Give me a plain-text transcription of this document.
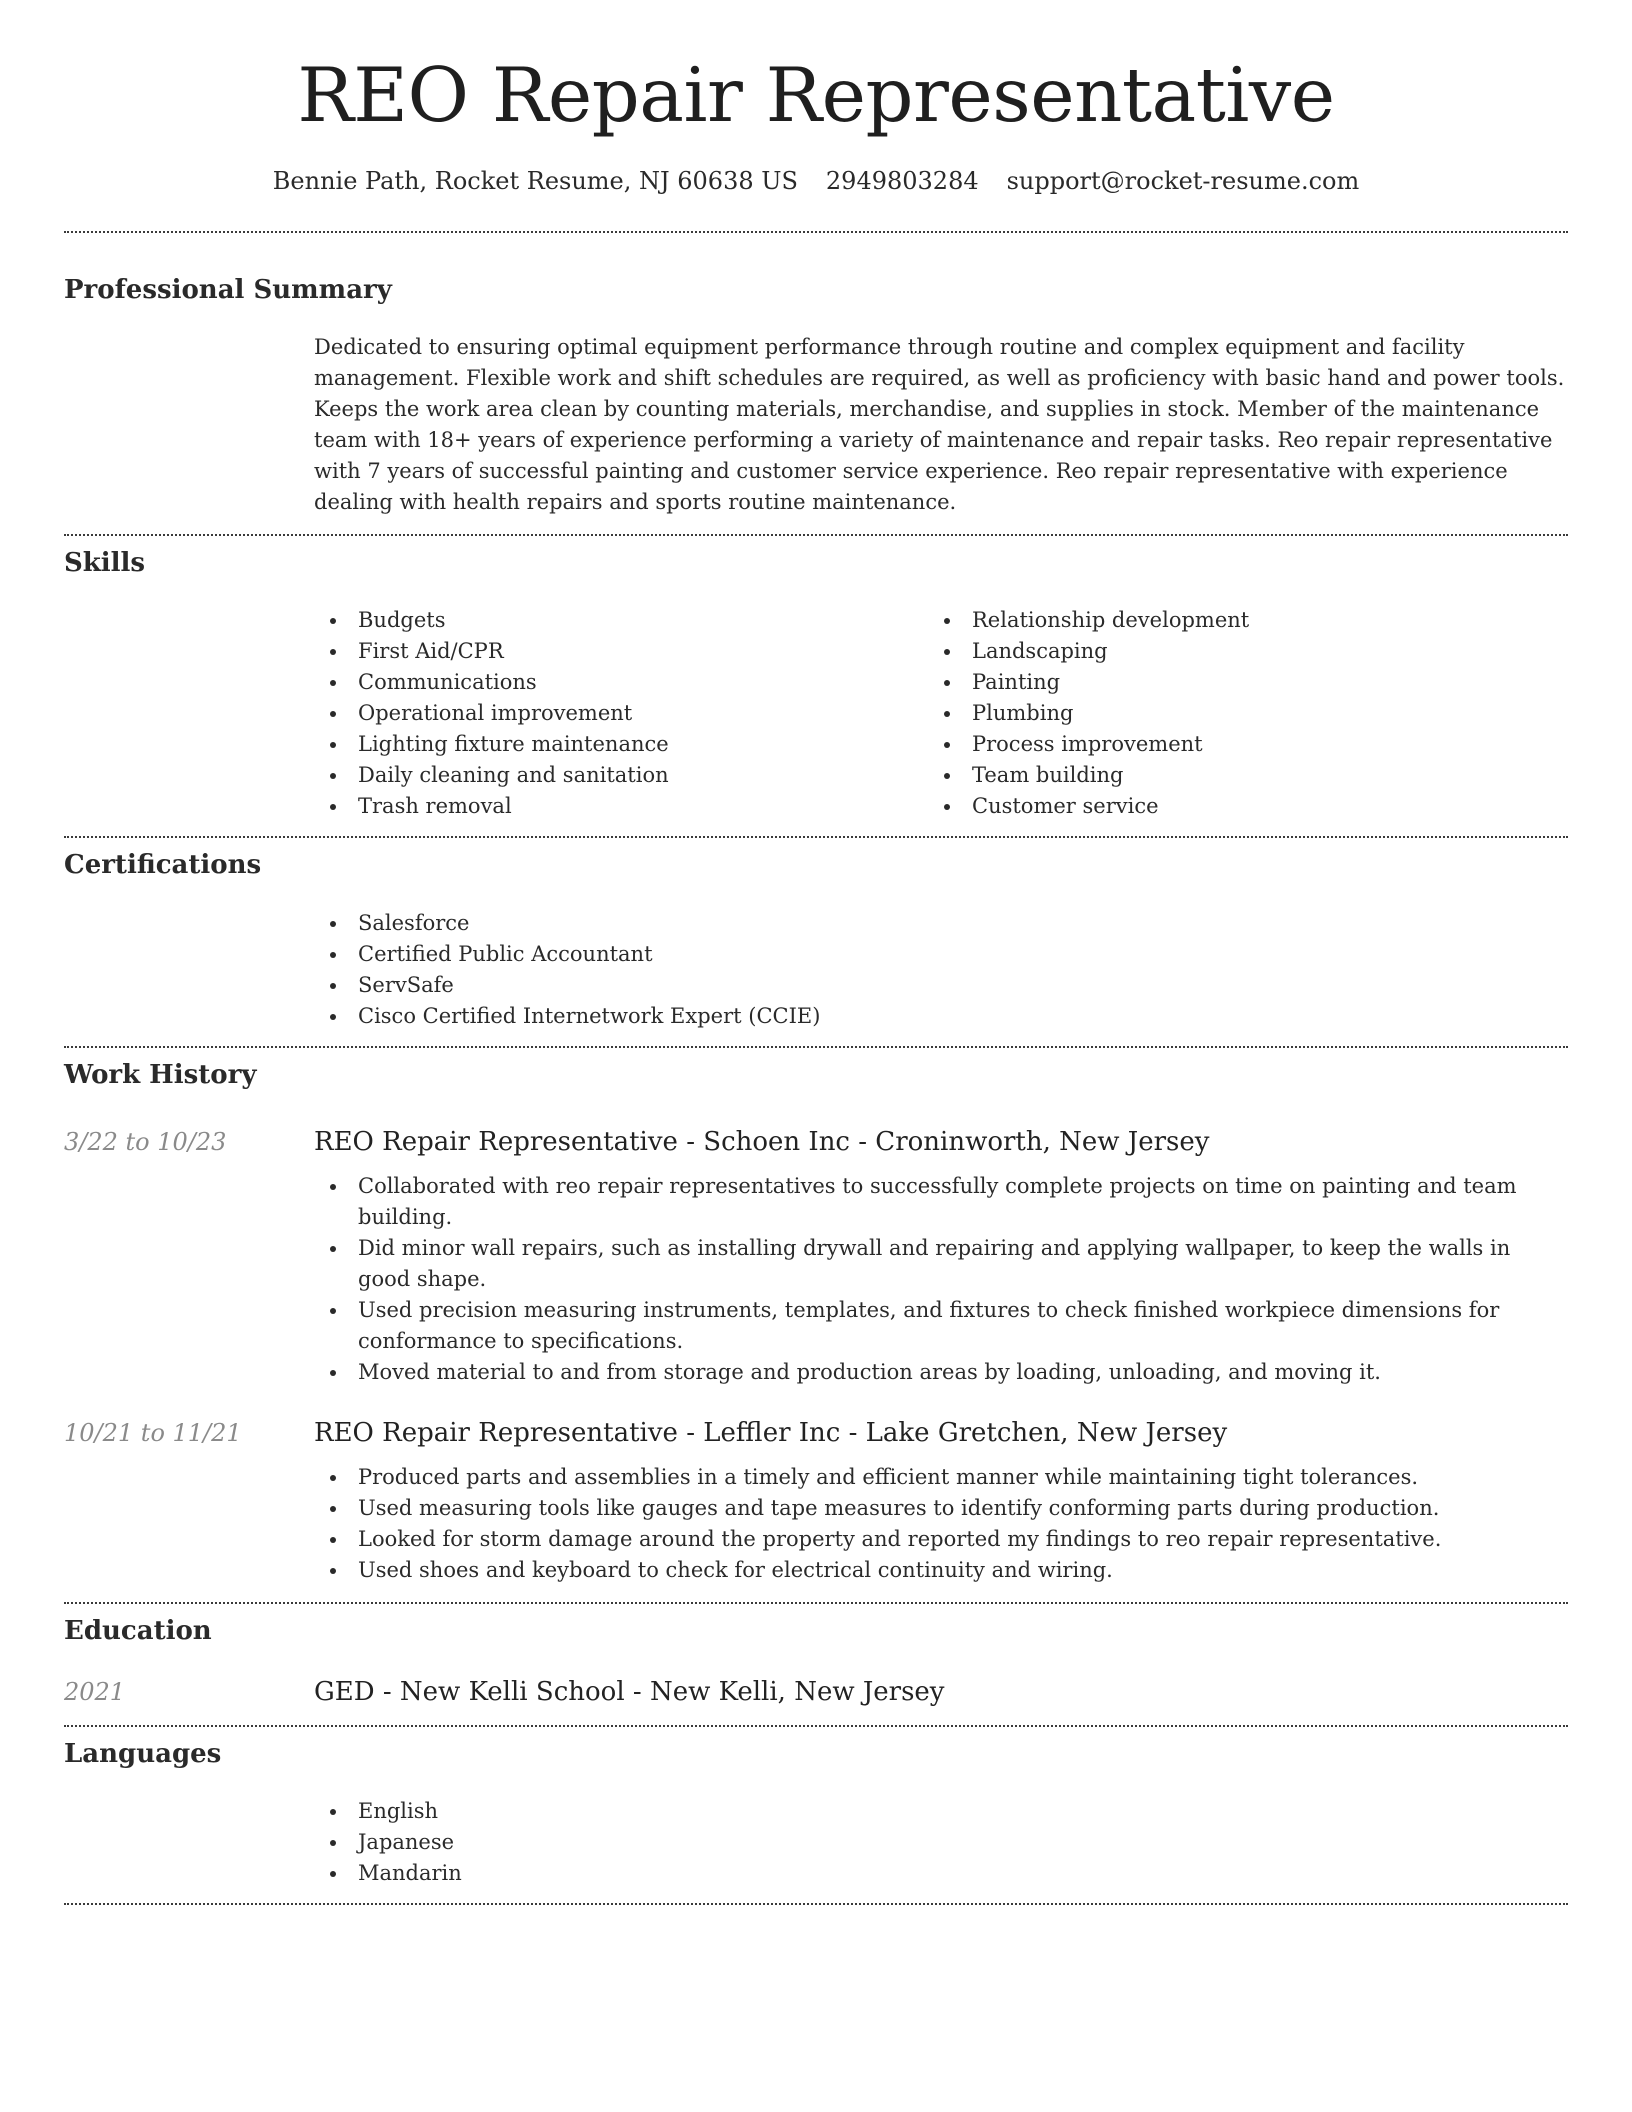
REO Repair Representative
Bennie Path, Rocket Resume, NJ 60638 US 2949803284 support@rocket-resume.com
Professional Summary

Dedicated to ensuring optimal equipment performance through routine and complex equipment and facility management. Flexible work and shift schedules are required, as well as proficiency with basic hand and power tools. Keeps the work area clean by counting materials, merchandise, and supplies in stock. Member of the maintenance team with 18+ years of experience performing a variety of maintenance and repair tasks. Reo repair representative with 7 years of successful painting and customer service experience. Reo repair representative with experience dealing with health repairs and sports routine maintenance.

Skills
Budgets
First Aid/CPR
Communications
Operational improvement
Lighting fixture maintenance
Daily cleaning and sanitation
Trash removal
Relationship development
Landscaping
Painting
Plumbing
Process improvement
Team building
Customer service
Certifications
Salesforce
Certified Public Accountant
ServSafe
Cisco Certified Internetwork Expert (CCIE)
Work History
3/22 to 10/23	REO Repair Representative - Schoen Inc - Croninworth, New Jersey
Collaborated with reo repair representatives to successfully complete projects on time on painting and team building.
Did minor wall repairs, such as installing drywall and repairing and applying wallpaper, to keep the walls in good shape.
Used precision measuring instruments, templates, and fixtures to check finished workpiece dimensions for conformance to specifications.
Moved material to and from storage and production areas by loading, unloading, and moving it.
10/21 to 11/21	REO Repair Representative - Leffler Inc - Lake Gretchen, New Jersey
Produced parts and assemblies in a timely and efficient manner while maintaining tight tolerances.
Used measuring tools like gauges and tape measures to identify conforming parts during production.
Looked for storm damage around the property and reported my findings to reo repair representative.
Used shoes and keyboard to check for electrical continuity and wiring.
Education
2021	GED - New Kelli School - New Kelli, New Jersey
Languages
English
Japanese
Mandarin
